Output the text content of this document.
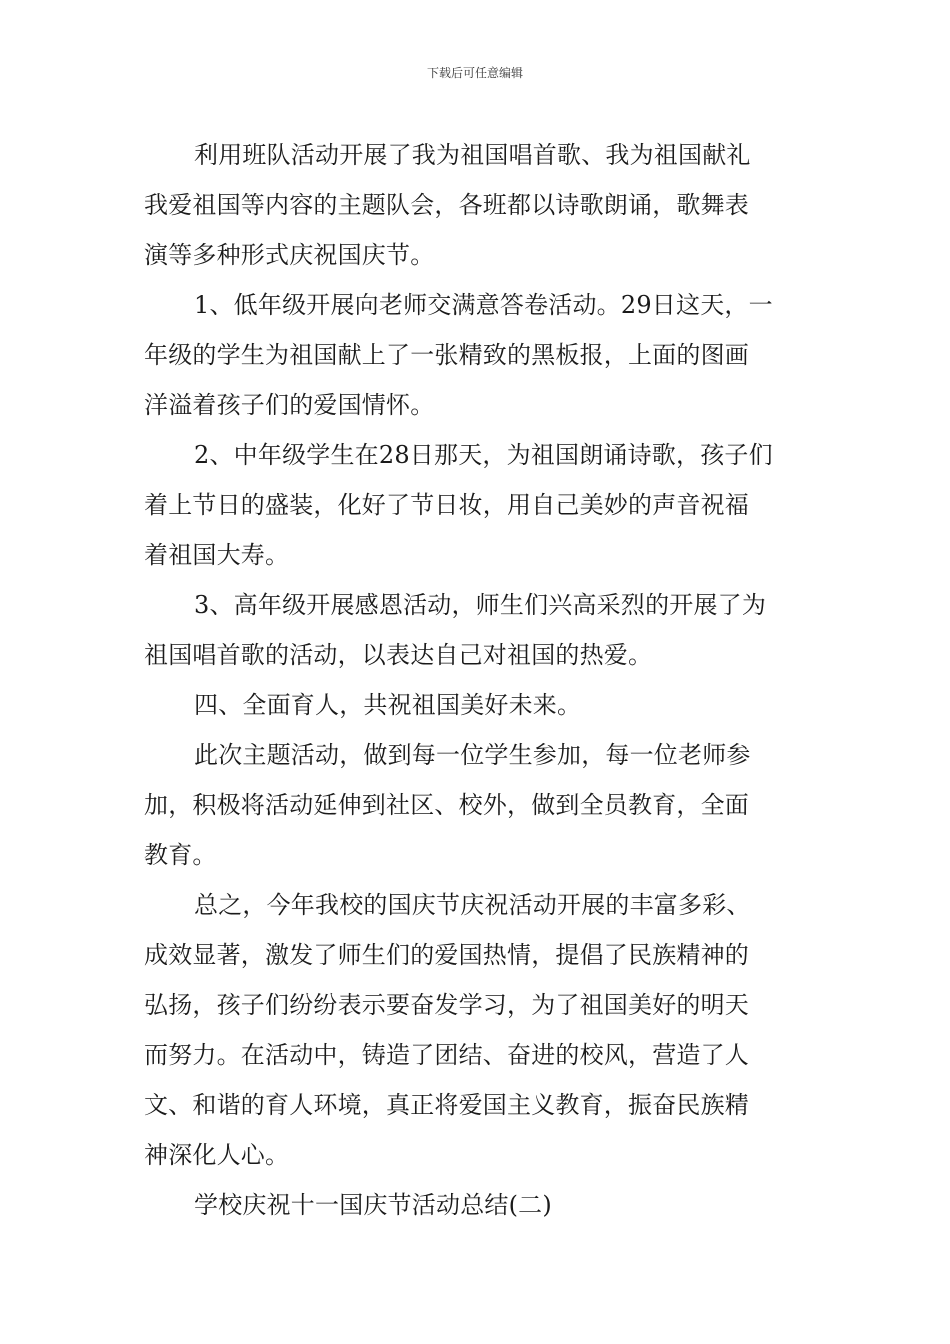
下载后可任意编辑

利用班队活动开展了我为祖国唱首歌、我为祖国献礼
我爱祖国等内容的主题队会，各班都以诗歌朗诵，歌舞表
演等多种形式庆祝国庆节。

1、低年级开展向老师交满意答卷活动。29日这天，一
年级的学生为祖国献上了一张精致的黑板报，上面的图画
洋溢着孩子们的爱国情怀。

2、中年级学生在28日那天，为祖国朗诵诗歌，孩子们
着上节日的盛装，化好了节日妆，用自己美妙的声音祝福
着祖国大寿。

3、高年级开展感恩活动，师生们兴高采烈的开展了为
祖国唱首歌的活动，以表达自己对祖国的热爱。

四、全面育人，共祝祖国美好未来。

此次主题活动，做到每一位学生参加，每一位老师参
加，积极将活动延伸到社区、校外，做到全员教育，全面
教育。

总之，今年我校的国庆节庆祝活动开展的丰富多彩、
成效显著，激发了师生们的爱国热情，提倡了民族精神的
弘扬，孩子们纷纷表示要奋发学习，为了祖国美好的明天
而努力。在活动中，铸造了团结、奋进的校风，营造了人
文、和谐的育人环境，真正将爱国主义教育，振奋民族精
神深化人心。

学校庆祝十一国庆节活动总结(二)
